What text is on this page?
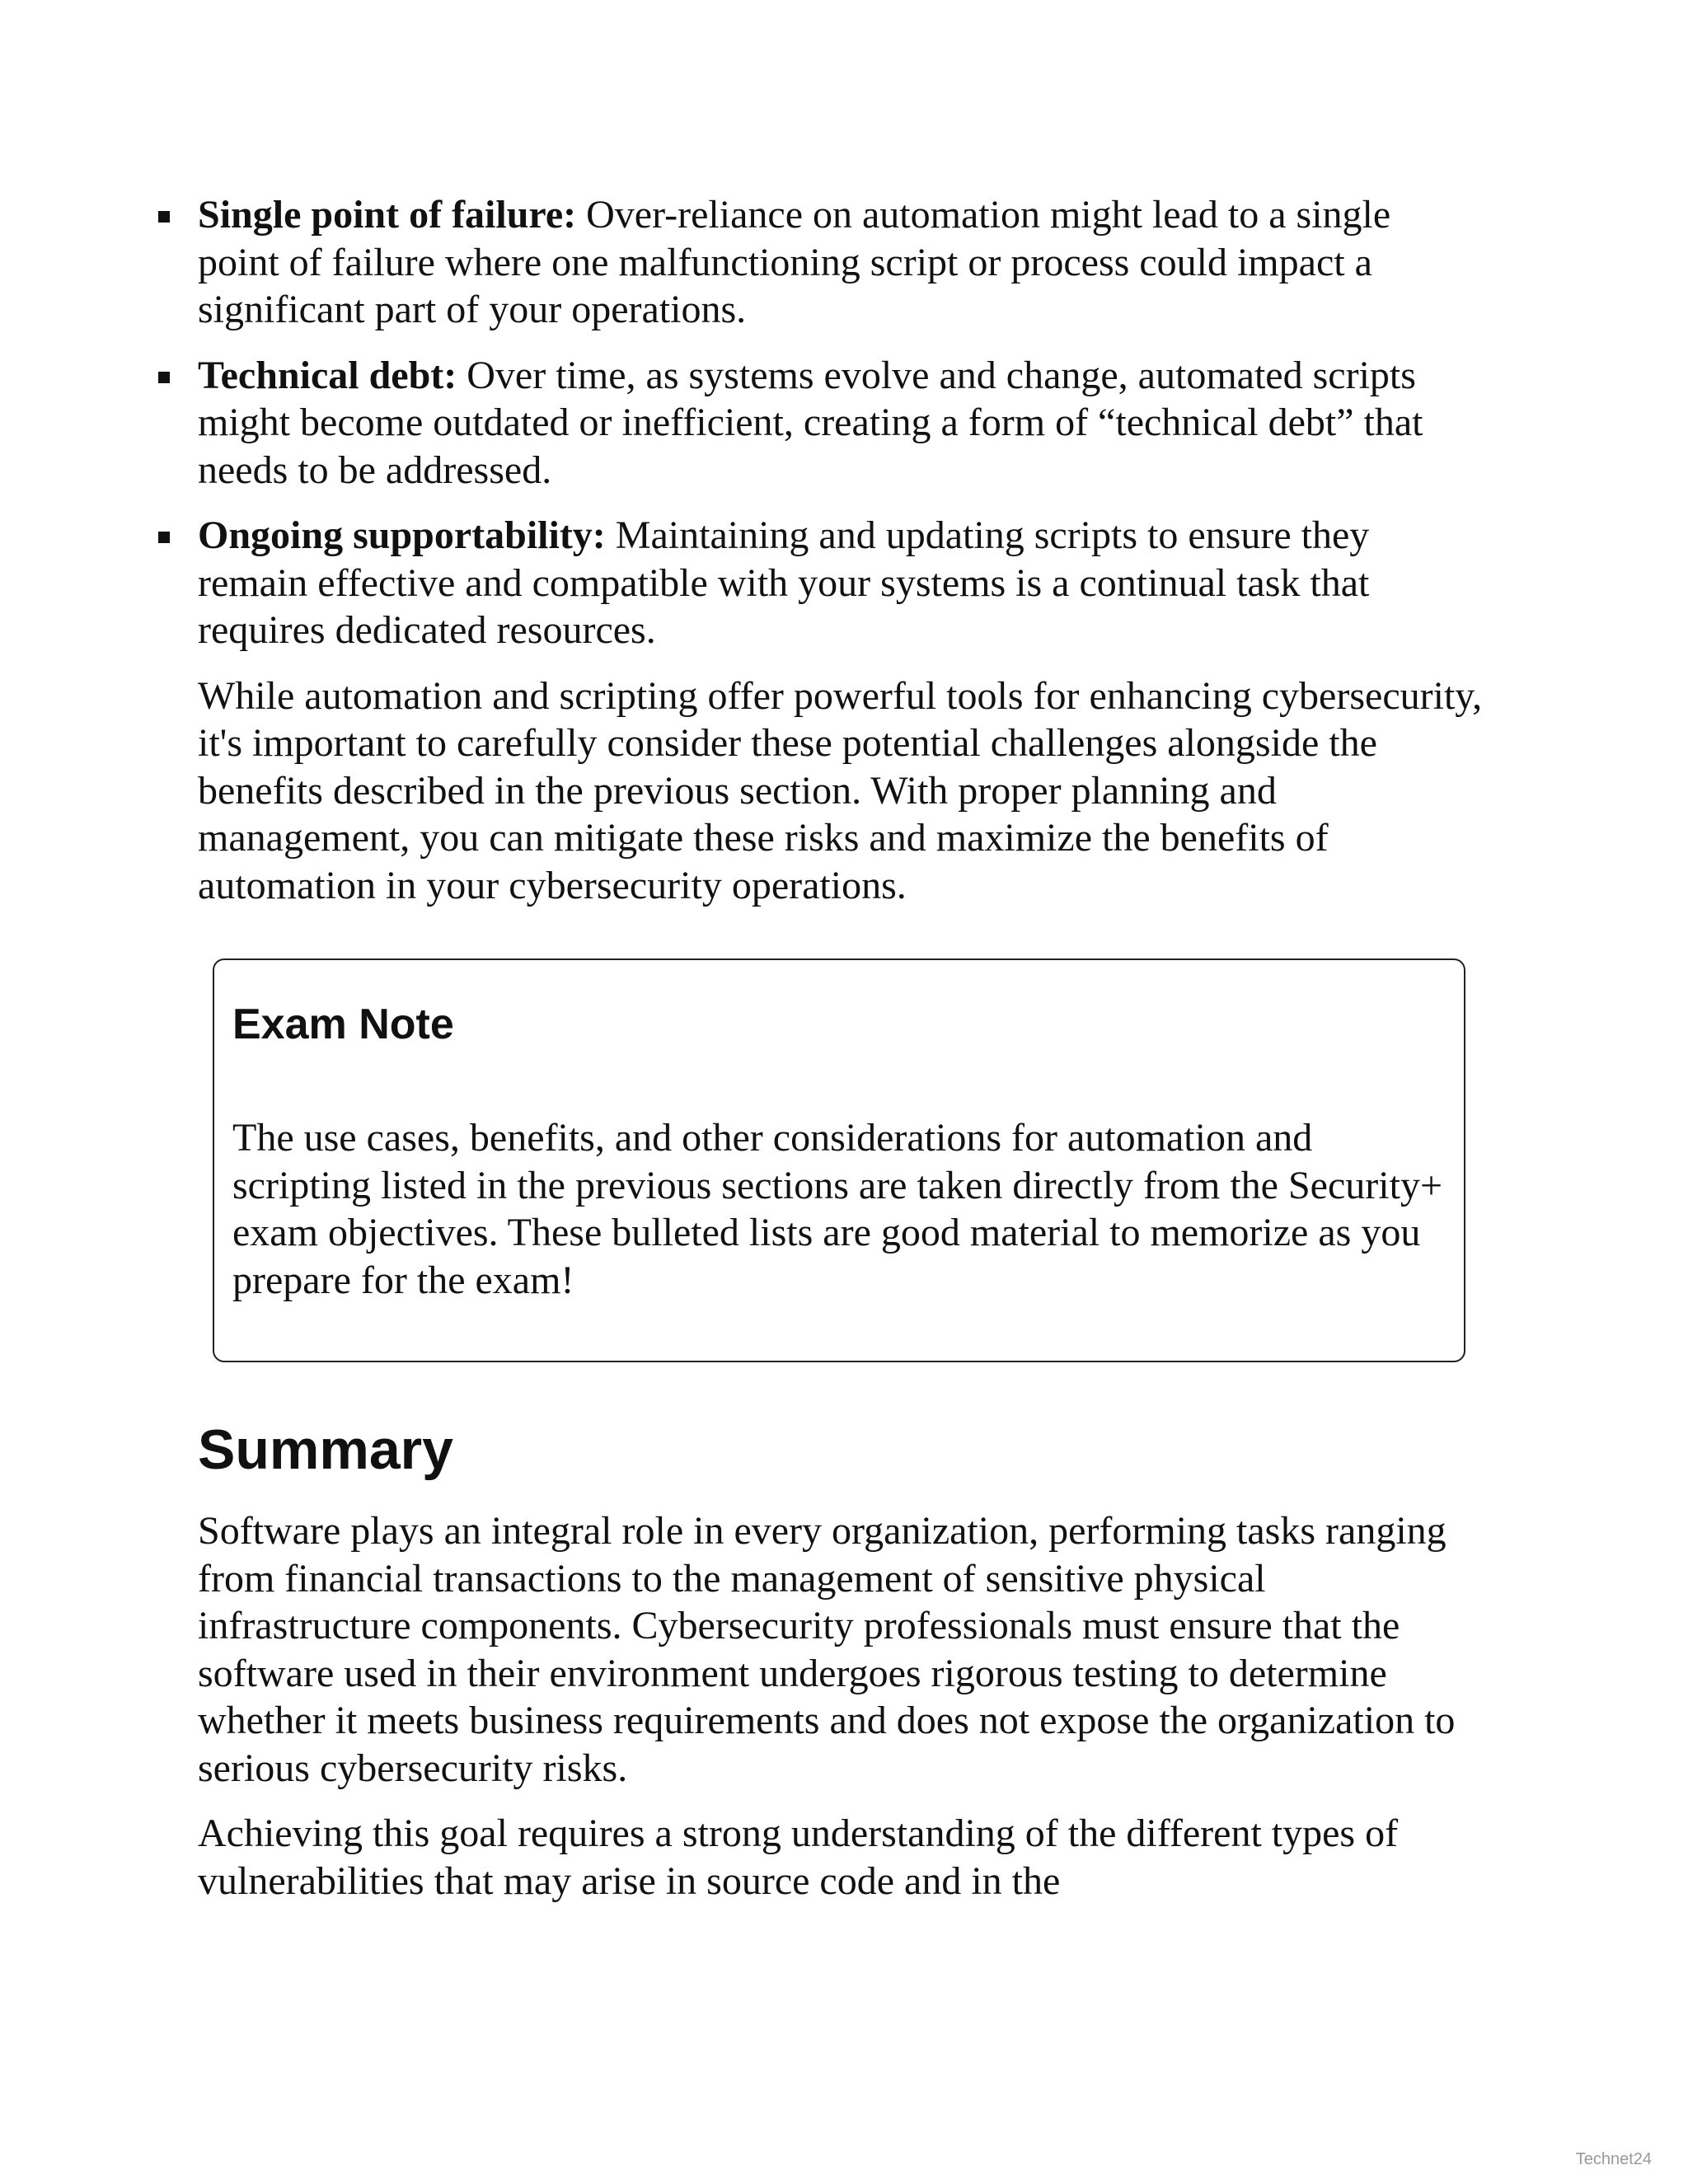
Single point of failure: Over-reliance on automation might lead to a single point of failure where one malfunctioning script or process could impact a significant part of your operations.
Technical debt: Over time, as systems evolve and change, automated scripts might become outdated or inefficient, creating a form of “technical debt” that needs to be addressed.
Ongoing supportability: Maintaining and updating scripts to ensure they remain effective and compatible with your systems is a continual task that requires dedicated resources.

While automation and scripting offer powerful tools for enhancing cybersecurity, it's important to carefully consider these potential challenges alongside the benefits described in the previous section. With proper planning and management, you can mitigate these risks and maximize the benefits of automation in your cybersecurity operations.

Exam Note

The use cases, benefits, and other considerations for automation and scripting listed in the previous sections are taken directly from the Security+ exam objectives. These bulleted lists are good material to memorize as you prepare for the exam!

Summary

Software plays an integral role in every organization, performing tasks ranging from financial transactions to the management of sensitive physical infrastructure components. Cybersecurity professionals must ensure that the software used in their environment undergoes rigorous testing to determine whether it meets business requirements and does not expose the organization to serious cybersecurity risks.

Achieving this goal requires a strong understanding of the different types of vulnerabilities that may arise in source code and in the

Technet24
